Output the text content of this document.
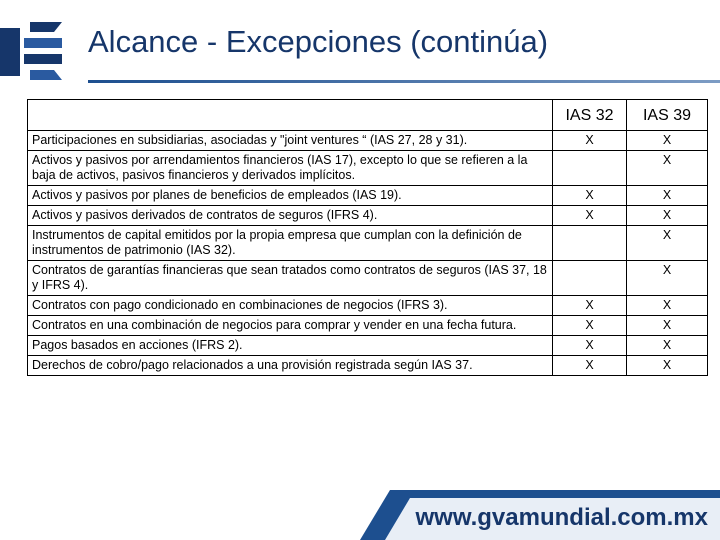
Alcance - Excepciones (continúa)
	IAS 32	IAS 39
Participaciones en subsidiarias, asociadas y "joint ventures “ (IAS 27, 28 y 31).	X	X
Activos y pasivos por arrendamientos financieros (IAS 17), excepto lo que se refieren a la baja de activos, pasivos financieros y derivados implícitos.		X
Activos y pasivos por planes de beneficios de empleados (IAS 19).	X	X
Activos y pasivos derivados de contratos de seguros (IFRS 4).	X	X
Instrumentos de capital emitidos por la propia empresa que cumplan con la definición de instrumentos de patrimonio (IAS 32).		X
Contratos de garantías financieras que sean tratados como contratos de seguros (IAS 37, 18 y IFRS 4).		X
Contratos con pago condicionado en combinaciones de negocios (IFRS 3).	X	X
Contratos en una combinación de negocios para comprar y vender en una fecha futura.	X	X
Pagos basados en acciones (IFRS 2).	X	X
Derechos de cobro/pago relacionados a una provisión registrada según IAS 37.	X	X
www.gvamundial.com.mx
